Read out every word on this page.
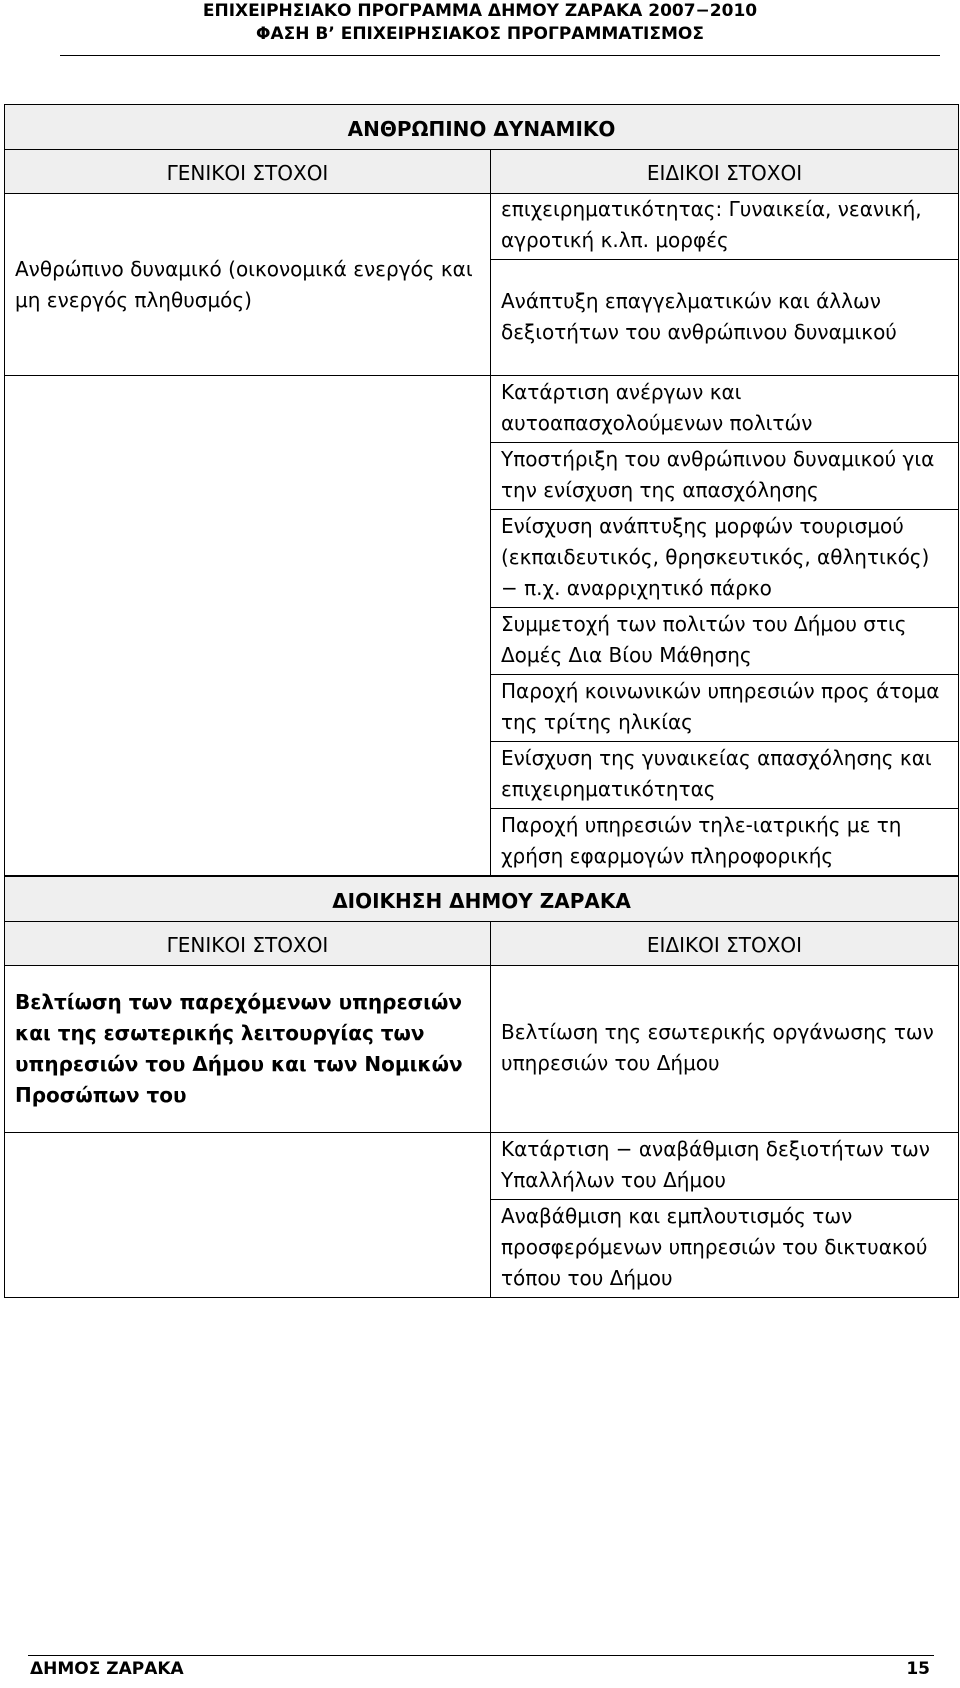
ΕΠΙΧΕΙΡΗΣΙΑΚΟ ΠΡΟΓΡΑΜΜΑ ΔΗΜΟΥ ΖΑΡΑΚΑ 2007−2010
ΦΑΣΗ Β’ ΕΠΙΧΕΙΡΗΣΙΑΚΟΣ ΠΡΟΓΡΑΜΜΑΤΙΣΜΟΣ
ΑΝΘΡΩΠΙΝΟ ΔΥΝΑΜΙΚΟ	
ΓΕΝΙΚΟΙ ΣΤΟΧΟΙ	ΕΙΔΙΚΟΙ ΣΤΟΧΟΙ
Ανθρώπινο δυναμικό (οικονομικά ενεργός και μη ενεργός πληθυσμός)	επιχειρηματικότητας: Γυναικεία, νεανική, αγροτική κ.λπ. μορφές
	Ανάπτυξη επαγγελματικών και άλλων δεξιοτήτων του ανθρώπινου δυναμικού
	Κατάρτιση ανέργων και αυτοαπασχολούμενων πολιτών
	Υποστήριξη του ανθρώπινου δυναμικού για την ενίσχυση της απασχόλησης
	Ενίσχυση ανάπτυξης μορφών τουρισμού (εκπαιδευτικός, θρησκευτικός, αθλητικός) − π.χ. αναρριχητικό πάρκο
	Συμμετοχή των πολιτών του Δήμου στις Δομές Δια Βίου Μάθησης
	Παροχή κοινωνικών υπηρεσιών προς άτομα της τρίτης ηλικίας
	Ενίσχυση της γυναικείας απασχόλησης και επιχειρηματικότητας
	Παροχή υπηρεσιών τηλε-ιατρικής με τη χρήση εφαρμογών πληροφορικής
ΔΙΟΙΚΗΣΗ ΔΗΜΟΥ ΖΑΡΑΚΑ	
ΓΕΝΙΚΟΙ ΣΤΟΧΟΙ	ΕΙΔΙΚΟΙ ΣΤΟΧΟΙ
Βελτίωση των παρεχόμενων υπηρεσιών και της εσωτερικής λειτουργίας των υπηρεσιών του Δήμου και των Νομικών Προσώπων του	Βελτίωση της εσωτερικής οργάνωσης των υπηρεσιών του Δήμου
	Κατάρτιση − αναβάθμιση δεξιοτήτων των Υπαλλήλων του Δήμου
	Αναβάθμιση και εμπλουτισμός των προσφερόμενων υπηρεσιών του δικτυακού τόπου του Δήμου
ΔΗΜΟΣ ΖΑΡΑΚΑ	15
